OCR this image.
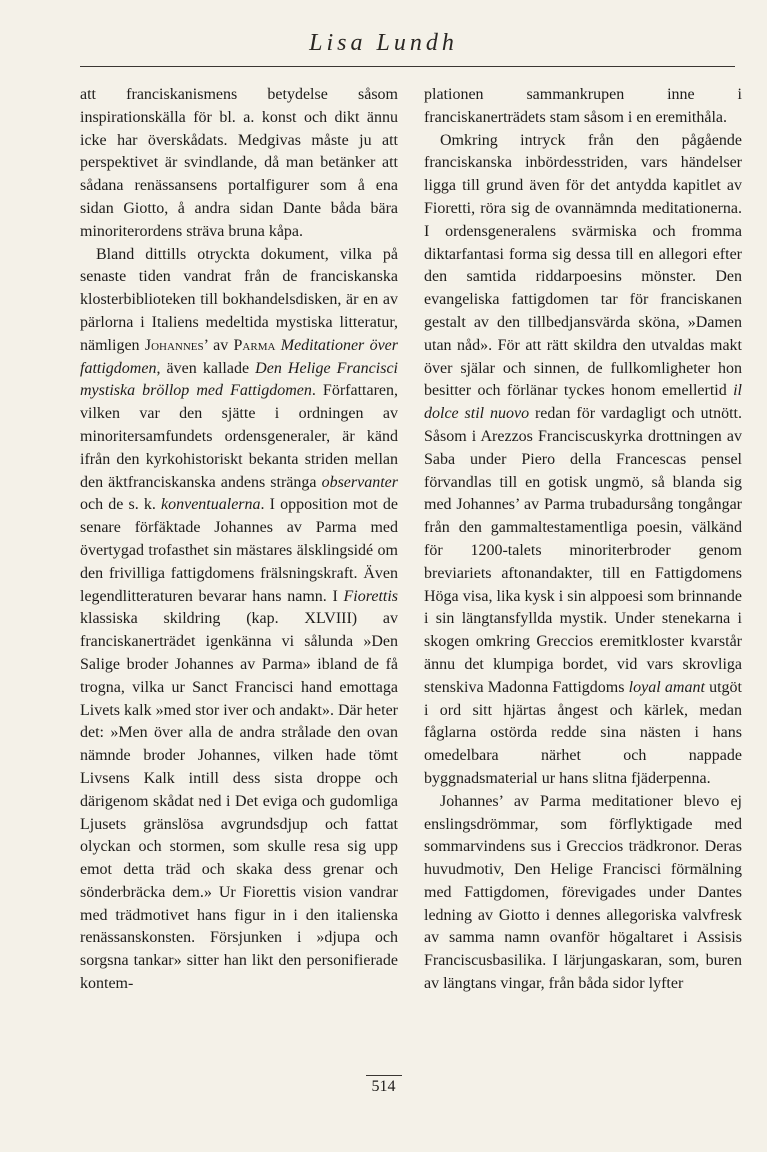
Lisa Lundh

att franciskanismens betydelse såsom inspirationskälla för bl. a. konst och dikt ännu icke har överskådats. Medgivas måste ju att perspektivet är svindlande, då man betänker att sådana renässansens portalfigurer som å ena sidan Giotto, å andra sidan Dante båda bära minoriterordens sträva bruna kåpa.

Bland dittills otryckta dokument, vilka på senaste tiden vandrat från de franciskanska klosterbiblioteken till bokhandelsdisken, är en av pärlorna i Italiens medeltida mystiska litteratur, nämligen Johannes’ av Parma Meditationer över fattigdomen, även kallade Den Helige Francisci mystiska bröllop med Fattigdomen. Författaren, vilken var den sjätte i ordningen av minoritersamfundets ordensgeneraler, är känd ifrån den kyrkohistoriskt bekanta striden mellan den äktfranciskanska andens stränga observanter och de s. k. konventualerna. I opposition mot de senare förfäktade Johannes av Parma med övertygad trofasthet sin mästares älsklingsidé om den frivilliga fattigdomens frälsningskraft. Även legendlitteraturen bevarar hans namn. I Fiorettis klassiska skildring (kap. XLVIII) av franciskanerträdet igenkänna vi sålunda »Den Salige broder Johannes av Parma» ibland de få trogna, vilka ur Sanct Francisci hand emottaga Livets kalk »med stor iver och andakt». Där heter det: »Men över alla de andra strålade den ovan nämnde broder Johannes, vilken hade tömt Livsens Kalk intill dess sista droppe och därigenom skådat ned i Det eviga och gudomliga Ljusets gränslösa avgrundsdjup och fattat olyckan och stormen, som skulle resa sig upp emot detta träd och skaka dess grenar och sönderbräcka dem.» Ur Fiorettis vision vandrar med trädmotivet hans figur in i den italienska renässanskonsten. Försjunken i »djupa och sorgsna tankar» sitter han likt den personifierade kontem-

plationen sammankrupen inne i franciskanerträdets stam såsom i en eremithåla.

Omkring intryck från den pågående franciskanska inbördesstriden, vars händelser ligga till grund även för det antydda kapitlet av Fioretti, röra sig de ovannämnda meditationerna. I ordensgeneralens svärmiska och fromma diktarfantasi forma sig dessa till en allegori efter den samtida riddarpoesins mönster. Den evangeliska fattigdomen tar för franciskanen gestalt av den tillbedjansvärda sköna, »Damen utan nåd». För att rätt skildra den utvaldas makt över själar och sinnen, de fullkomligheter hon besitter och förlänar tyckes honom emellertid il dolce stil nuovo redan för vardagligt och utnött. Såsom i Arezzos Franciscuskyrka drottningen av Saba under Piero della Francescas pensel förvandlas till en gotisk ungmö, så blanda sig med Johannes’ av Parma trubadursång tongångar från den gammaltestamentliga poesin, välkänd för 1200-talets minoriterbroder genom breviariets aftonandakter, till en Fattigdomens Höga visa, lika kysk i sin alppoesi som brinnande i sin längtansfyllda mystik. Under stenekarna i skogen omkring Greccios eremitkloster kvarstår ännu det klumpiga bordet, vid vars skrovliga stenskiva Madonna Fattigdoms loyal amant utgöt i ord sitt hjärtas ångest och kärlek, medan fåglarna ostörda redde sina nästen i hans omedelbara närhet och nappade byggnadsmaterial ur hans slitna fjäderpenna.

Johannes’ av Parma meditationer blevo ej enslingsdrömmar, som förflyktigade med sommarvindens sus i Greccios trädkronor. Deras huvudmotiv, Den Helige Francisci förmälning med Fattigdomen, förevigades under Dantes ledning av Giotto i dennes allegoriska valvfresk av samma namn ovanför högaltaret i Assisis Franciscusbasilika. I lärjungaskaran, som, buren av längtans vingar, från båda sidor lyfter

514
